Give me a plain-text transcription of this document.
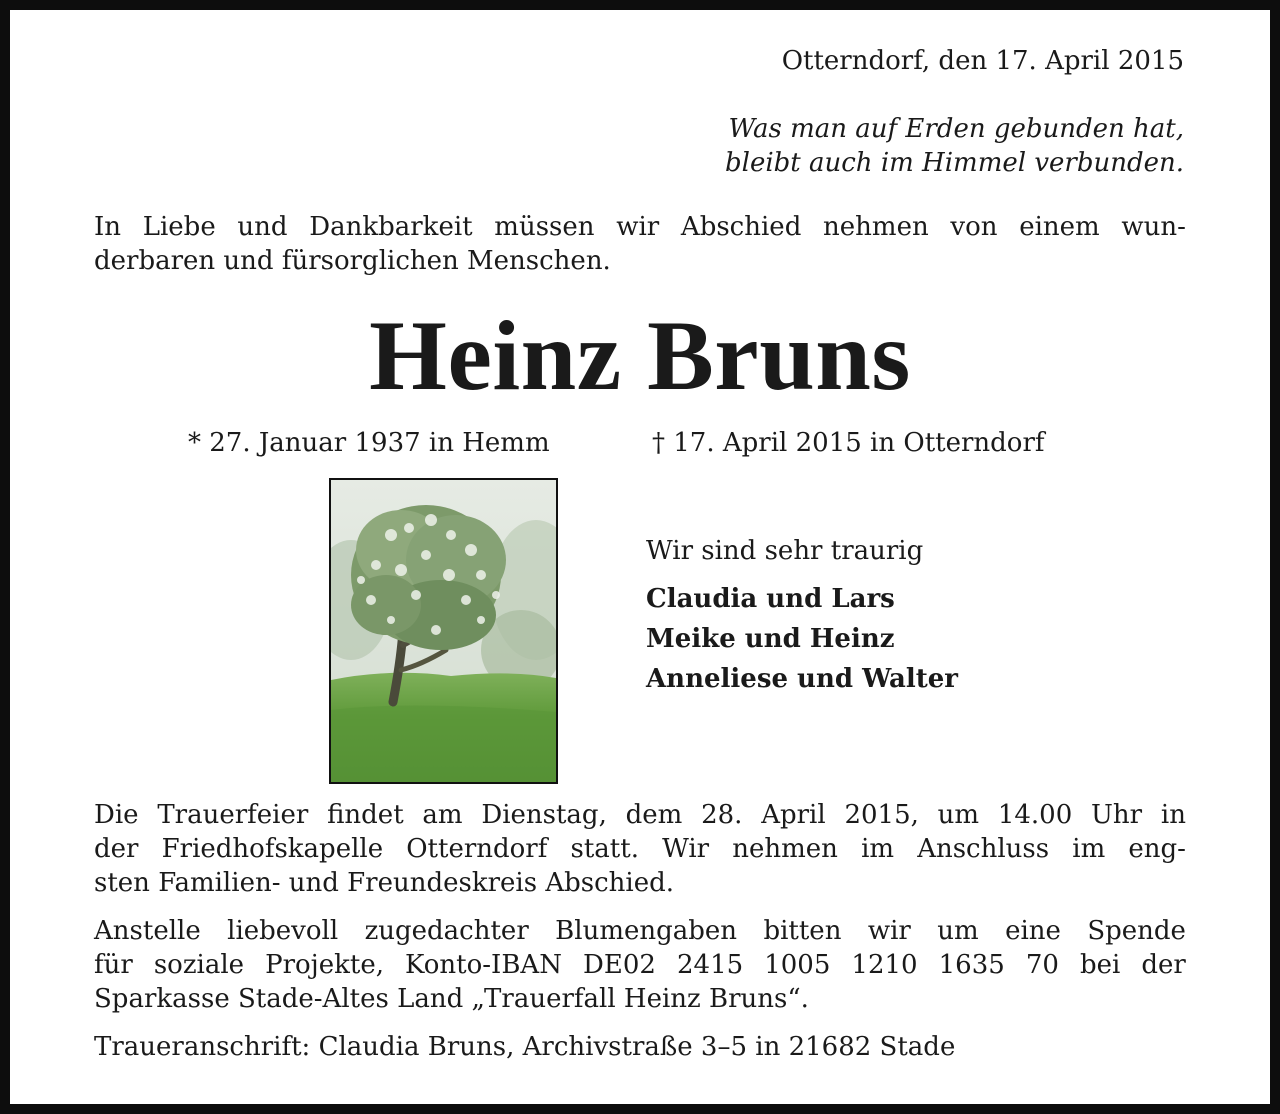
Otterndorf, den 17. April 2015
Was man auf Erden gebunden hat,
bleibt auch im Himmel verbunden.
In Liebe und Dankbarkeit müssen wir Abschied nehmen von einem wun-
derbaren und fürsorglichen Menschen.
Heinz Bruns
* 27. Januar 1937 in Hemm	† 17. April 2015 in Otterndorf
Wir sind sehr traurig
Claudia und Lars
Meike und Heinz
Anneliese und Walter
Die Trauerfeier findet am Dienstag, dem 28. April 2015, um 14.00 Uhr in
der Friedhofskapelle Otterndorf statt. Wir nehmen im Anschluss im eng-
sten Familien- und Freundeskreis Abschied.
Anstelle liebevoll zugedachter Blumengaben bitten wir um eine Spende
für soziale Projekte, Konto-IBAN DE02 2415 1005 1210 1635 70 bei der
Sparkasse Stade-Altes Land „Trauerfall Heinz Bruns“.
Traueranschrift: Claudia Bruns, Archivstraße 3–5 in 21682 Stade
